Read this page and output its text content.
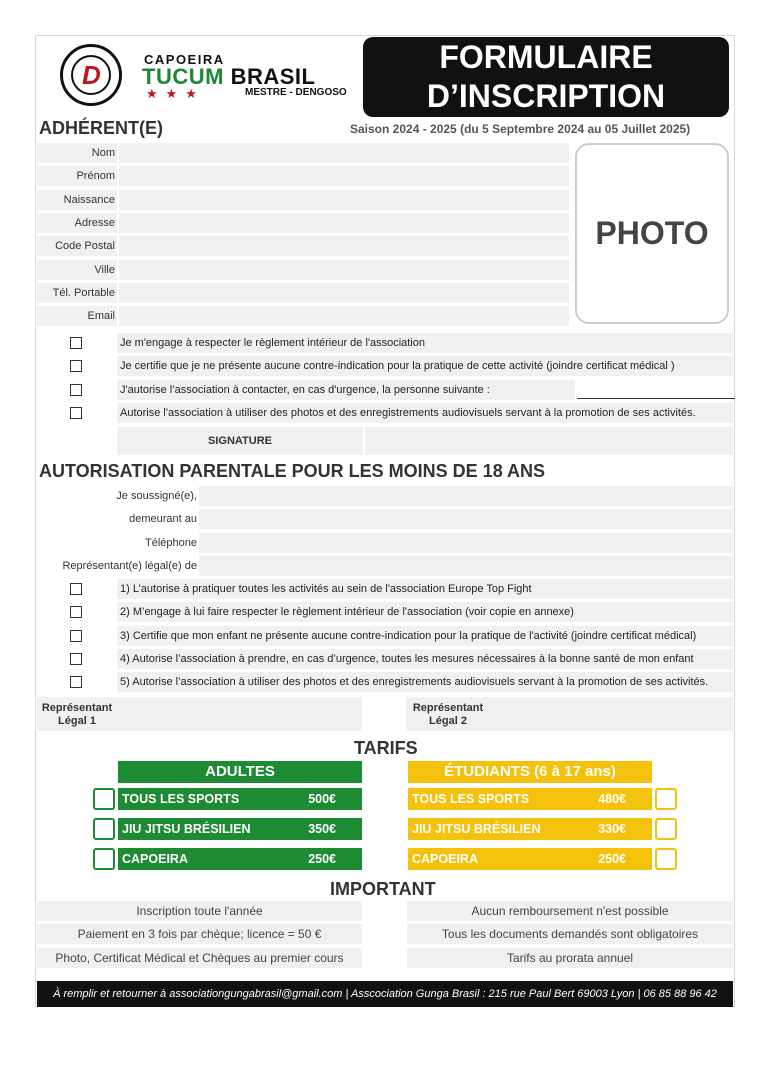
D
CAPOEIRA
TUCUM BRASIL
★★★	MESTRE - DENGOSO
FORMULAIRE
D’INSCRIPTION
ADHÉRENT(E)	Saison 2024 - 2025 (du 5 Septembre 2024 au 05 Juillet 2025)
Nom
Prénom
Naissance
Adresse
Code Postal
Ville
Tél. Portable
Email
PHOTO
Je m'engage à respecter le règlement intérieur de l'association
Je certifie que je ne présente aucune contre-indication pour la pratique de cette activité (joindre certificat médical )
J'autorise l’association à contacter, en cas d'urgence, la personne suivante :
Autorise l'association à utiliser des photos et des enregistrements audiovisuels servant à la promotion de ses activités.
SIGNATURE
AUTORISATION PARENTALE POUR LES MOINS DE 18 ANS
Je soussigné(e),
demeurant au
Téléphone
Représentant(e) légal(e) de
1) L’autorise à pratiquer toutes les activités au sein de l'association Europe Top Fight
2) M’engage à lui faire respecter le règlement intérieur de l'association (voir copie en annexe)
3) Certifie que mon enfant ne présente aucune contre-indication pour la pratique de l'activité (joindre certificat médical)
4) Autorise l’association à prendre, en cas d’urgence, toutes les mesures nécessaires à la bonne santé de mon enfant
5) Autorise l’association à utiliser des photos et des enregistrements audiovisuels servant à la promotion de ses activités.
Représentant
Légal 1
Représentant
Légal 2
TARIFS
ADULTES	ÉTUDIANTS (6 à 17 ans)
TOUS LES SPORTS	500€
JIU JITSU BRÉSILIEN	350€
CAPOEIRA	250€
TOUS LES SPORTS	480€
JIU JITSU BRÉSILIEN	330€
CAPOEIRA	250€
IMPORTANT
Inscription toute l'année
Paiement en 3 fois par chèque; licence = 50 €
Photo, Certificat Médical et Chèques au premier cours
Aucun remboursement n'est possible
Tous les documents demandés sont obligatoires
Tarifs au prorata annuel
À remplir et retourner à associationgungabrasil@gmail.com | Asscociation Gunga Brasil : 215 rue Paul Bert 69003 Lyon | 06 85 88 96 42
